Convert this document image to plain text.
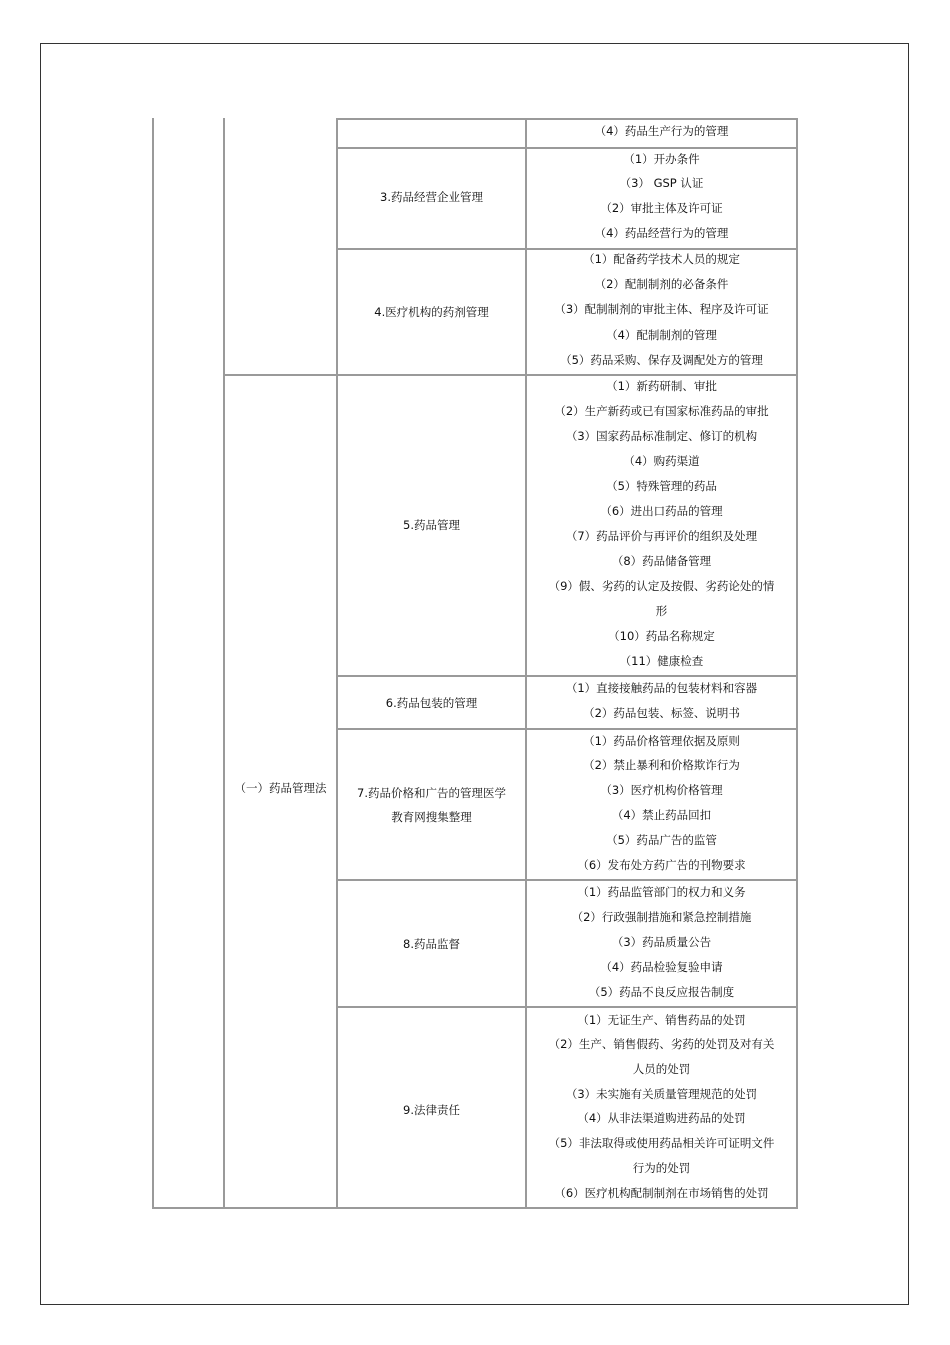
（一）药品管理法
（4）药品生产行为的管理
3.药品经营企业管理
（1）开办条件
（3） GSP 认证
（2）审批主体及许可证
（4）药品经营行为的管理
4.医疗机构的药剂管理
（1）配备药学技术人员的规定
（2）配制制剂的必备条件
（3）配制制剂的审批主体、程序及许可证
（4）配制制剂的管理
（5）药品采购、保存及调配处方的管理
5.药品管理
（1）新药研制、审批
（2）生产新药或已有国家标准药品的审批
（3）国家药品标准制定、修订的机构
（4）购药渠道
（5）特殊管理的药品
（6）进出口药品的管理
（7）药品评价与再评价的组织及处理
（8）药品储备管理
（9）假、劣药的认定及按假、劣药论处的情
形
（10）药品名称规定
（11）健康检查
6.药品包装的管理
（1）直接接触药品的包装材料和容器
（2）药品包装、标签、说明书
7.药品价格和广告的管理医学
教育网搜集整理
（1）药品价格管理依据及原则
（2）禁止暴利和价格欺诈行为
（3）医疗机构价格管理
（4）禁止药品回扣
（5）药品广告的监管
（6）发布处方药广告的刊物要求
8.药品监督
（1）药品监管部门的权力和义务
（2）行政强制措施和紧急控制措施
（3）药品质量公告
（4）药品检验复验申请
（5）药品不良反应报告制度
9.法律责任
（1）无证生产、销售药品的处罚
（2）生产、销售假药、劣药的处罚及对有关
人员的处罚
（3）未实施有关质量管理规范的处罚
（4）从非法渠道购进药品的处罚
（5）非法取得或使用药品相关许可证明文件
行为的处罚
（6）医疗机构配制制剂在市场销售的处罚
